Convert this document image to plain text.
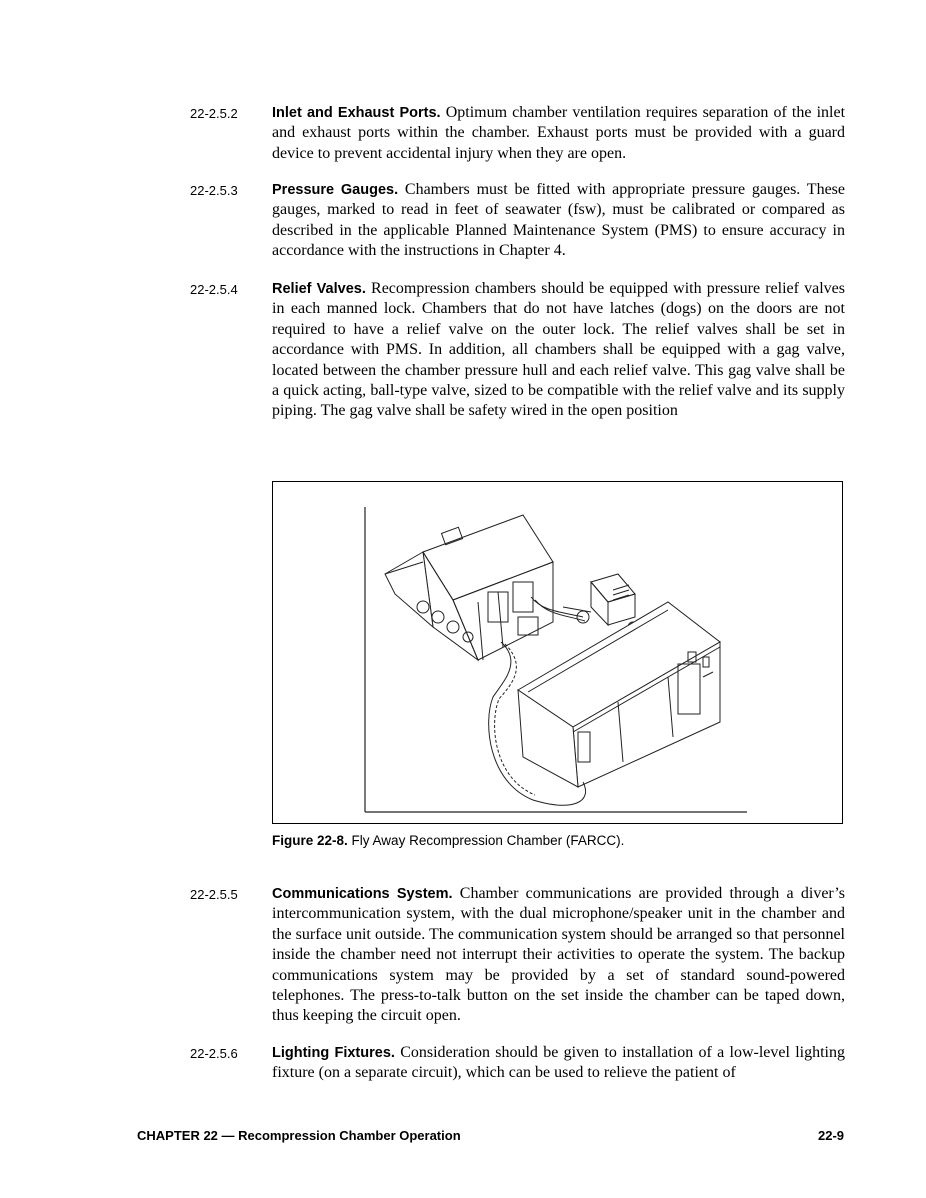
22-2.5.2 Inlet and Exhaust Ports. Optimum chamber ventilation requires separation of the inlet and exhaust ports within the chamber. Exhaust ports must be provided with a guard device to prevent accidental injury when they are open.
22-2.5.3 Pressure Gauges. Chambers must be fitted with appropriate pressure gauges. These gauges, marked to read in feet of seawater (fsw), must be calibrated or compared as described in the applicable Planned Maintenance System (PMS) to ensure accuracy in accordance with the instructions in Chapter 4.
22-2.5.4 Relief Valves. Recompression chambers should be equipped with pressure relief valves in each manned lock. Chambers that do not have latches (dogs) on the doors are not required to have a relief valve on the outer lock. The relief valves shall be set in accordance with PMS. In addition, all chambers shall be equipped with a gag valve, located between the chamber pressure hull and each relief valve. This gag valve shall be a quick acting, ball-type valve, sized to be compatible with the relief valve and its supply piping. The gag valve shall be safety wired in the open position
Figure 22-8. Fly Away Recompression Chamber (FARCC).
22-2.5.5 Communications System. Chamber communications are provided through a diver’s intercommunication system, with the dual microphone/speaker unit in the chamber and the surface unit outside. The communication system should be arranged so that personnel inside the chamber need not interrupt their activities to operate the system. The backup communications system may be provided by a set of standard sound-powered telephones. The press-to-talk button on the set inside the chamber can be taped down, thus keeping the circuit open.
22-2.5.6 Lighting Fixtures. Consideration should be given to installation of a low-level lighting fixture (on a separate circuit), which can be used to relieve the patient of
CHAPTER 22 — Recompression Chamber Operation	22-9
